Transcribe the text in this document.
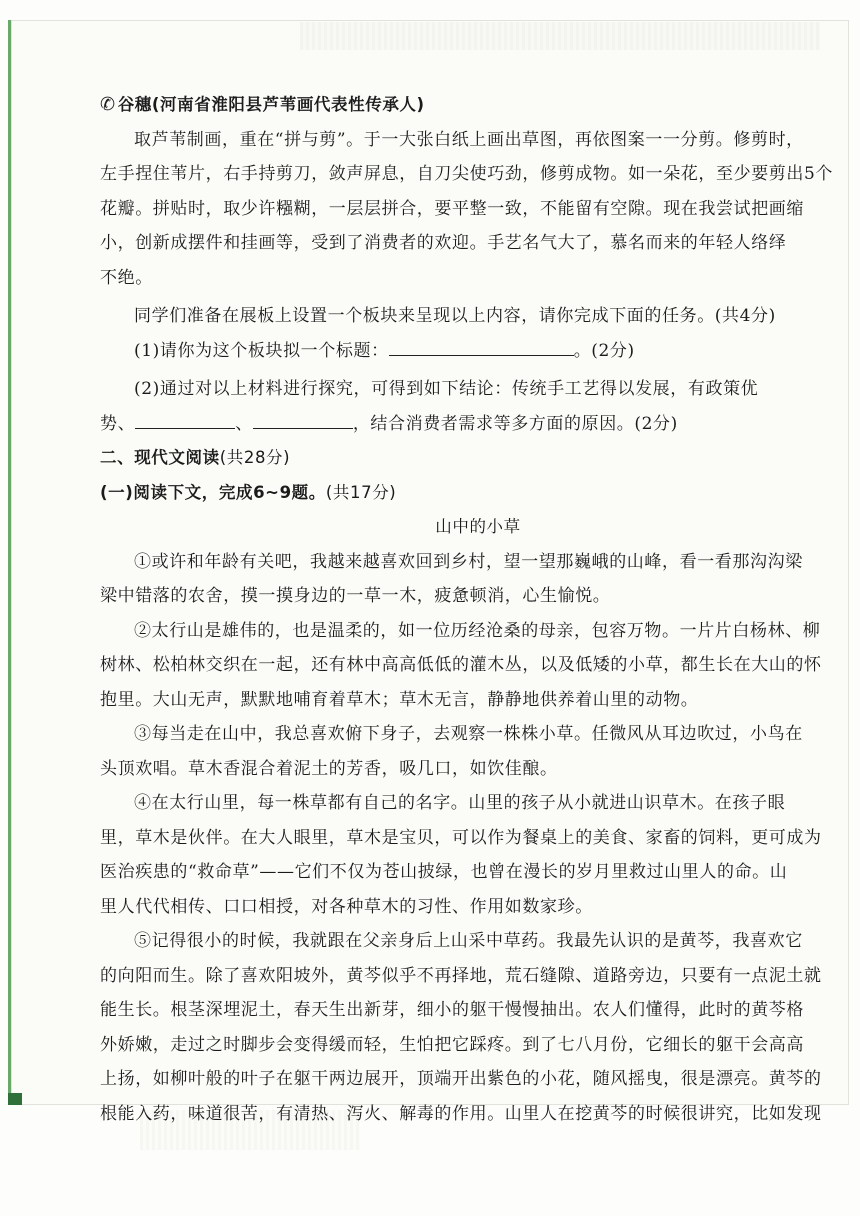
✆ 谷穗(河南省淮阳县芦苇画代表性传承人)
取芦苇制画，重在“拼与剪”。于一大张白纸上画出草图，再依图案一一分剪。修剪时，
左手捏住苇片，右手持剪刀，敛声屏息，自刀尖使巧劲，修剪成物。如一朵花，至少要剪出5个
花瓣。拼贴时，取少许糨糊，一层层拼合，要平整一致，不能留有空隙。现在我尝试把画缩
小，创新成摆件和挂画等，受到了消费者的欢迎。手艺名气大了，慕名而来的年轻人络绎
不绝。
同学们准备在展板上设置一个板块来呈现以上内容，请你完成下面的任务。(共4分)
(1)请你为这个板块拟一个标题：	。(2分)
(2)通过对以上材料进行探究，可得到如下结论：传统手工艺得以发展，有政策优
势、	、	，结合消费者需求等多方面的原因。(2分)
二、现代文阅读(共28分)
(一)阅读下文，完成6~9题。(共17分)
山中的小草
①或许和年龄有关吧，我越来越喜欢回到乡村，望一望那巍峨的山峰，看一看那沟沟梁
梁中错落的农舍，摸一摸身边的一草一木，疲惫顿消，心生愉悦。
②太行山是雄伟的，也是温柔的，如一位历经沧桑的母亲，包容万物。一片片白杨林、柳
树林、松柏林交织在一起，还有林中高高低低的灌木丛，以及低矮的小草，都生长在大山的怀
抱里。大山无声，默默地哺育着草木；草木无言，静静地供养着山里的动物。
③每当走在山中，我总喜欢俯下身子，去观察一株株小草。任微风从耳边吹过，小鸟在
头顶欢唱。草木香混合着泥土的芳香，吸几口，如饮佳酿。
④在太行山里，每一株草都有自己的名字。山里的孩子从小就进山识草木。在孩子眼
里，草木是伙伴。在大人眼里，草木是宝贝，可以作为餐桌上的美食、家畜的饲料，更可成为
医治疾患的“救命草”——它们不仅为苍山披绿，也曾在漫长的岁月里救过山里人的命。山
里人代代相传、口口相授，对各种草木的习性、作用如数家珍。
⑤记得很小的时候，我就跟在父亲身后上山采中草药。我最先认识的是黄芩，我喜欢它
的向阳而生。除了喜欢阳坡外，黄芩似乎不再择地，荒石缝隙、道路旁边，只要有一点泥土就
能生长。根茎深埋泥土，春天生出新芽，细小的躯干慢慢抽出。农人们懂得，此时的黄芩格
外娇嫩，走过之时脚步会变得缓而轻，生怕把它踩疼。到了七八月份，它细长的躯干会高高
上扬，如柳叶般的叶子在躯干两边展开，顶端开出紫色的小花，随风摇曳，很是漂亮。黄芩的
根能入药，味道很苦，有清热、泻火、解毒的作用。山里人在挖黄芩的时候很讲究，比如发现
